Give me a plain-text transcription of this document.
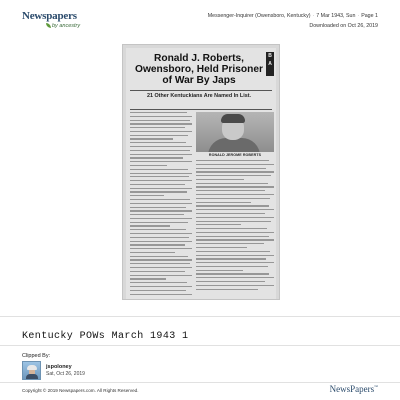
Newspapers
by ancestry
Messenger-Inquirer (Owensboro, Kentucky) · 7 Mar 1943, Sun · Page 1
Downloaded on Oct 26, 2019
Ronald J. Roberts, Owensboro, Held Prisoner of War By Japs
B A
21 Other Kentuckians Are Named In List.
RONALD JEROME ROBERTS
Kentucky POWs March 1943 1
Clipped By:
jspoloney
Sat, Oct 26, 2019
Copyright © 2019 Newspapers.com. All Rights Reserved.	NewsPapers™
